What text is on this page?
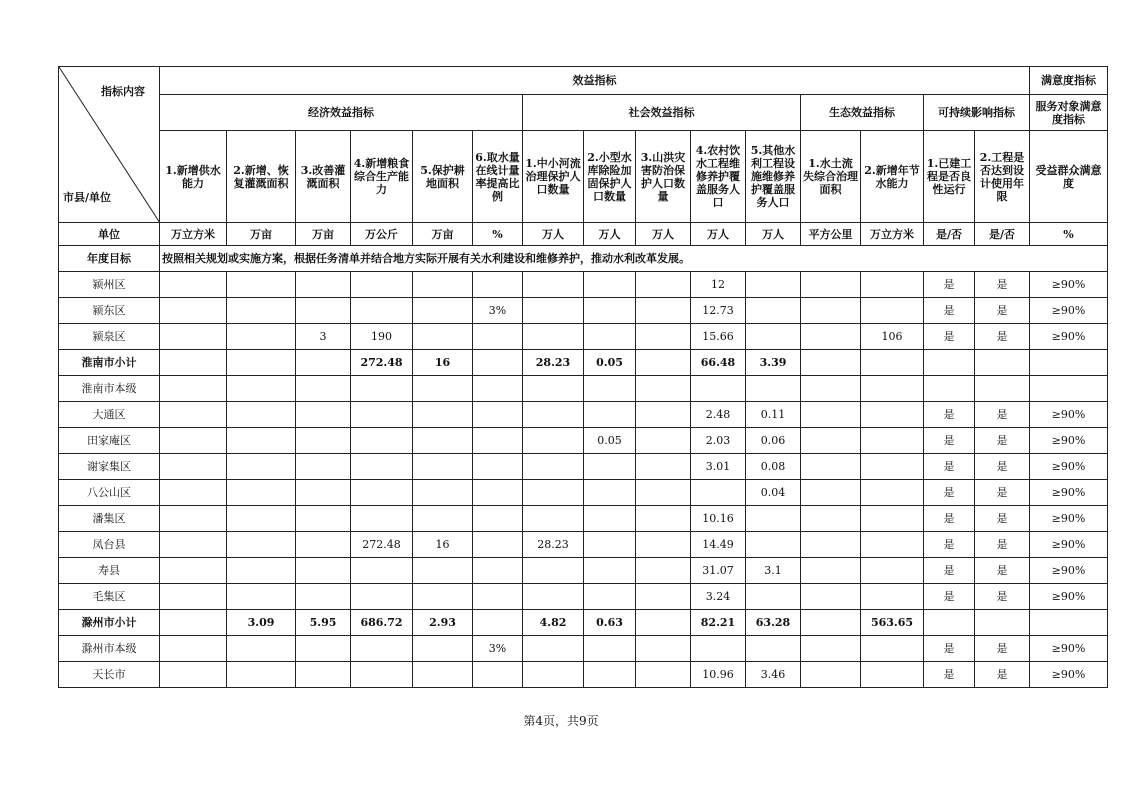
指标内容
市县/单位	效益指标															满意度指标
	经济效益指标						社会效益指标					生态效益指标		可持续影响指标		服务对象满意度指标
	1.新增供水能力	2.新增、恢复灌溉面积	3.改善灌溉面积	4.新增粮食综合生产能力	5.保护耕地面积	6.取水量在线计量率提高比例	1.中小河流治理保护人口数量	2.小型水库除险加固保护人口数量	3.山洪灾害防治保护人口数量	4.农村饮水工程维修养护覆盖服务人口	5.其他水利工程设施维修养护覆盖服务人口	1.水土流失综合治理面积	2.新增年节水能力	1.已建工程是否良性运行	2.工程是否达到设计使用年限	受益群众满意度
单位	万立方米	万亩	万亩	万公斤	万亩	%	万人	万人	万人	万人	万人	平方公里	万立方米	是/否	是/否	%
年度目标	按照相关规划或实施方案，根据任务清单并结合地方实际开展有关水利建设和维修养护，推动水利改革发展。															
颍州区										12				是	是	≥90%
颍东区						3%				12.73				是	是	≥90%
颍泉区			3	190						15.66			106	是	是	≥90%
淮南市小计				272.48	16		28.23	0.05		66.48	3.39					
淮南市本级																
大通区										2.48	0.11			是	是	≥90%
田家庵区								0.05		2.03	0.06			是	是	≥90%
谢家集区										3.01	0.08			是	是	≥90%
八公山区											0.04			是	是	≥90%
潘集区										10.16				是	是	≥90%
凤台县				272.48	16		28.23			14.49				是	是	≥90%
寿县										31.07	3.1			是	是	≥90%
毛集区										3.24				是	是	≥90%
滁州市小计		3.09	5.95	686.72	2.93		4.82	0.63		82.21	63.28		563.65			
滁州市本级						3%								是	是	≥90%
天长市										10.96	3.46			是	是	≥90%
第4页，共9页
